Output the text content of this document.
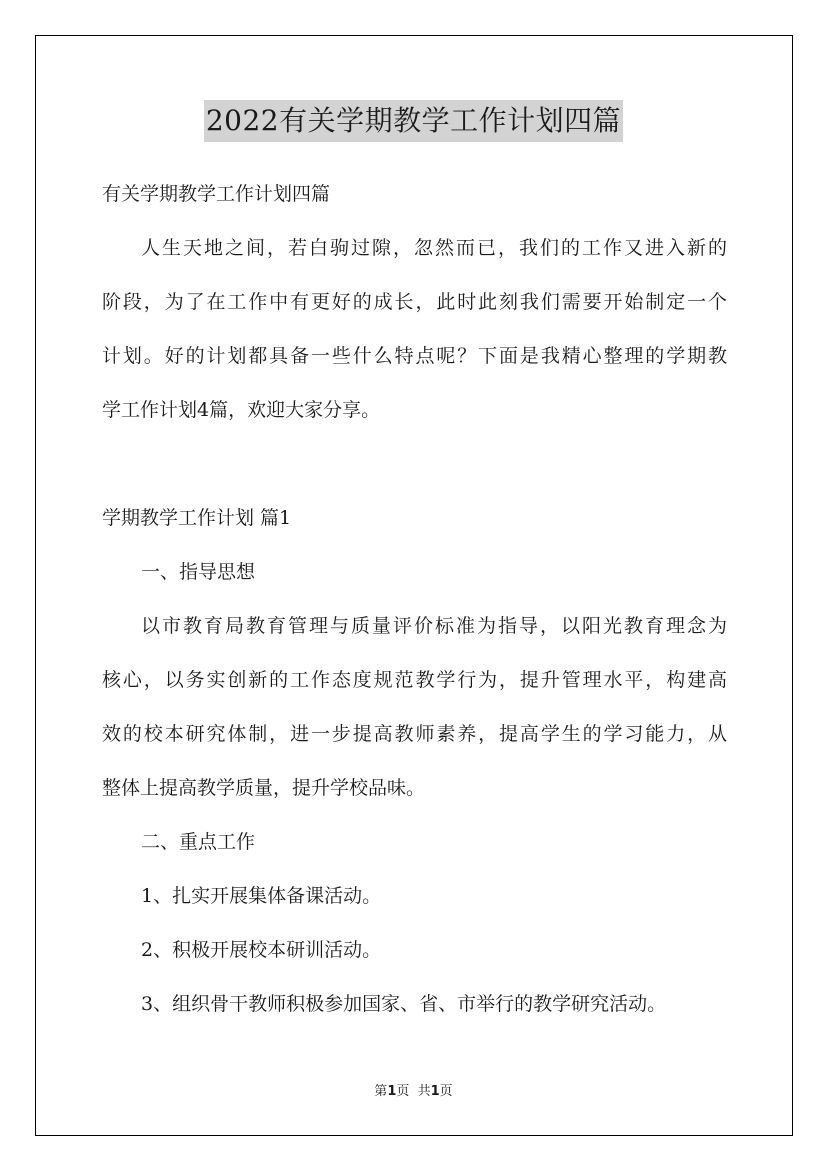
2022有关学期教学工作计划四篇
有关学期教学工作计划四篇
人生天地之间，若白驹过隙，忽然而已，我们的工作又进入新的
阶段，为了在工作中有更好的成长，此时此刻我们需要开始制定一个
计划。好的计划都具备一些什么特点呢？下面是我精心整理的学期教
学工作计划4篇，欢迎大家分享。
学期教学工作计划 篇1
一、指导思想
以市教育局教育管理与质量评价标准为指导，以阳光教育理念为
核心，以务实创新的工作态度规范教学行为，提升管理水平，构建高
效的校本研究体制，进一步提高教师素养，提高学生的学习能力，从
整体上提高教学质量，提升学校品味。
二、重点工作
1、扎实开展集体备课活动。
2、积极开展校本研训活动。
3、组织骨干教师积极参加国家、省、市举行的教学研究活动。
第1页  共1页
